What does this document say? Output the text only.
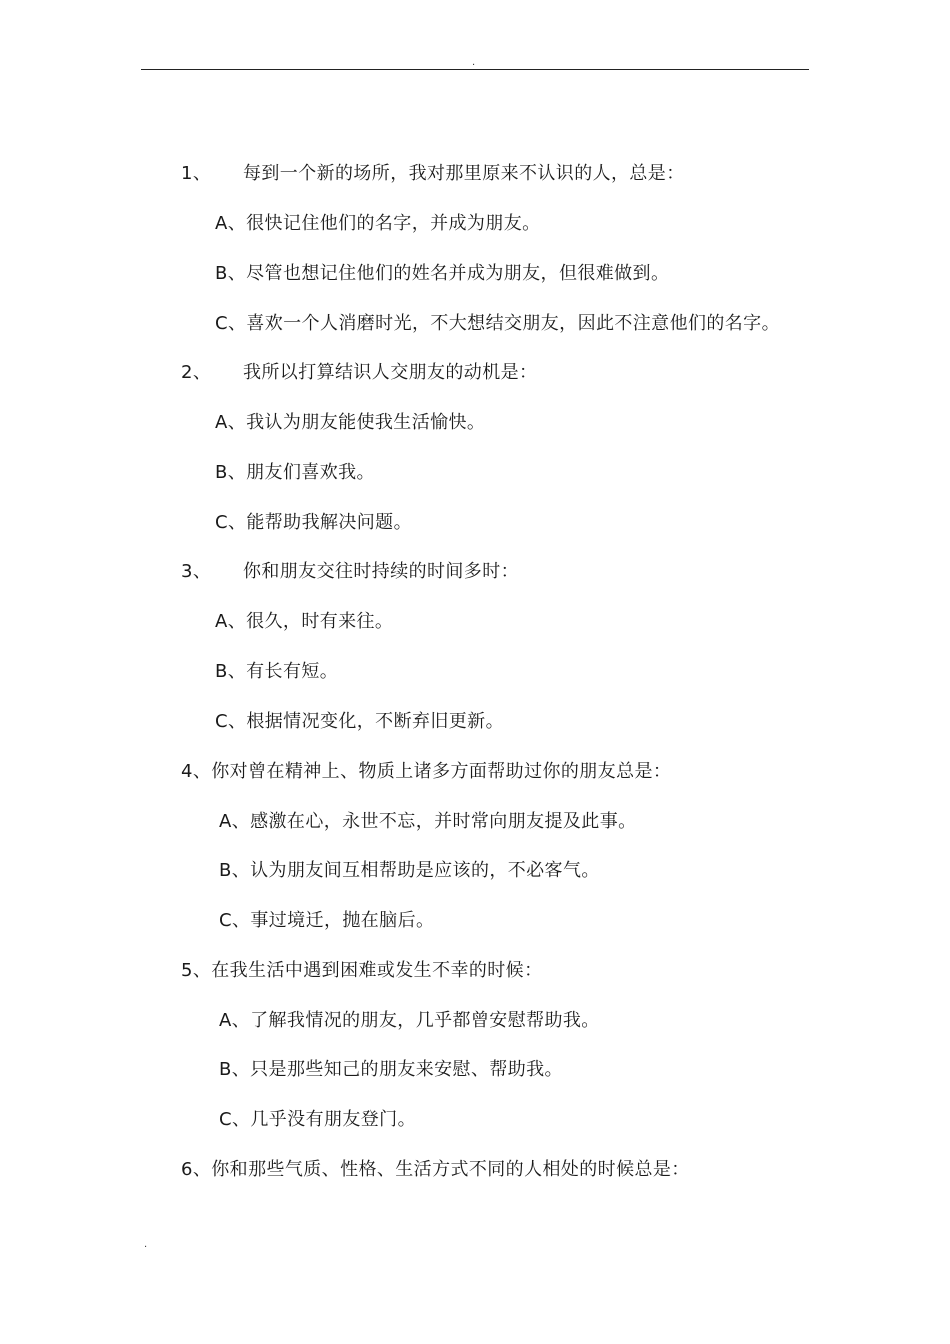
.
1、 每到一个新的场所，我对那里原来不认识的人，总是：
A、很快记住他们的名字，并成为朋友。
B、尽管也想记住他们的姓名并成为朋友，但很难做到。
C、喜欢一个人消磨时光，不大想结交朋友，因此不注意他们的名字。
2、 我所以打算结识人交朋友的动机是：
A、我认为朋友能使我生活愉快。
B、朋友们喜欢我。
C、能帮助我解决问题。
3、 你和朋友交往时持续的时间多时：
A、很久，时有来往。
B、有长有短。
C、根据情况变化，不断弃旧更新。
4、你对曾在精神上、物质上诸多方面帮助过你的朋友总是：
A、感激在心，永世不忘，并时常向朋友提及此事。
B、认为朋友间互相帮助是应该的，不必客气。
C、事过境迁，抛在脑后。
5、在我生活中遇到困难或发生不幸的时候：
A、了解我情况的朋友，几乎都曾安慰帮助我。
B、只是那些知己的朋友来安慰、帮助我。
C、几乎没有朋友登门。
6、你和那些气质、性格、生活方式不同的人相处的时候总是：
.
